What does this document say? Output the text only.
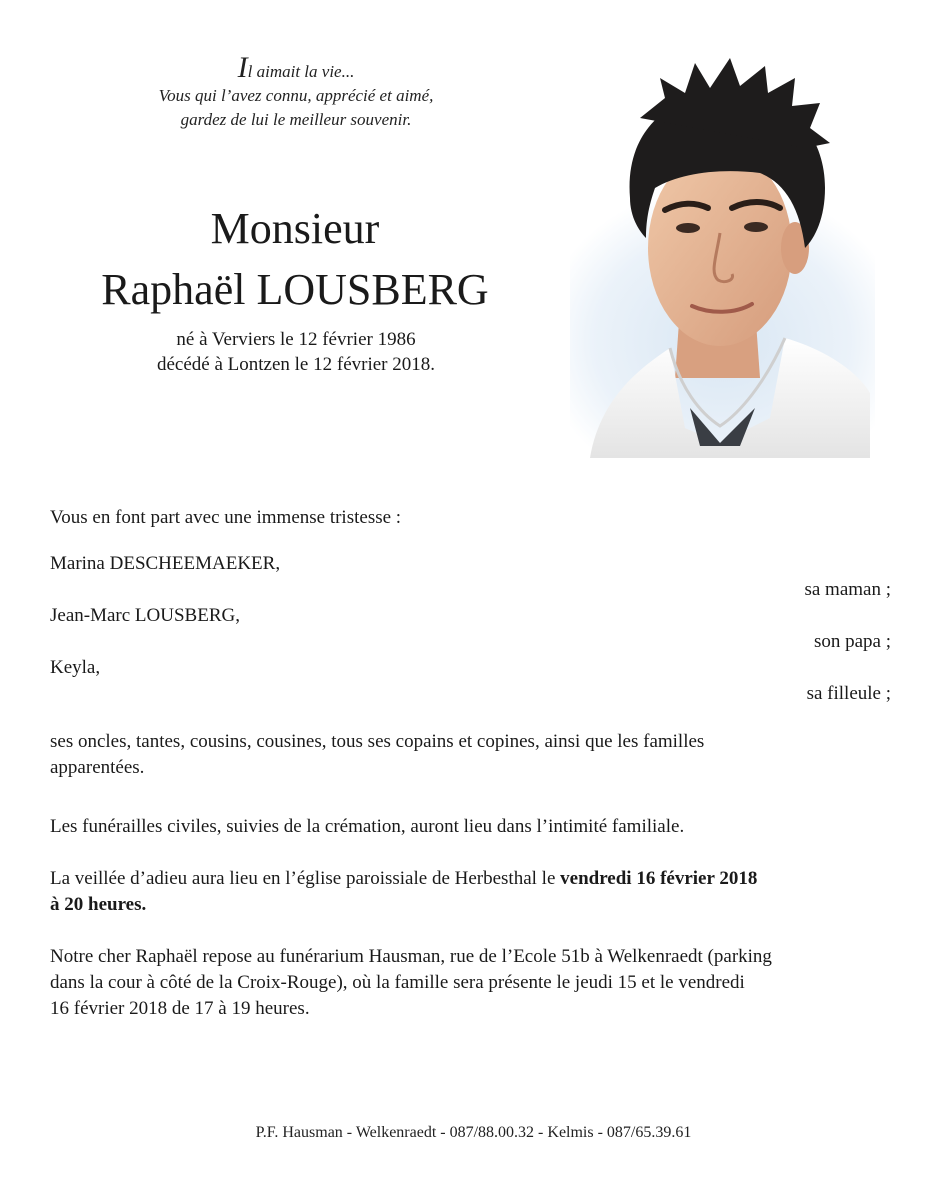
Il aimait la vie...
Vous qui l’avez connu, apprécié et aimé,
gardez de lui le meilleur souvenir.
Monsieur
Raphaël LOUSBERG
né à Verviers le 12 février 1986
décédé à Lontzen le 12 février 2018.
Vous en font part avec une immense tristesse :
Marina DESCHEEMAEKER,
sa maman ;
Jean-Marc LOUSBERG,
son papa ;
Keyla,
sa filleule ;
ses oncles, tantes, cousins, cousines, tous ses copains et copines, ainsi que les familles
apparentées.
Les funérailles civiles, suivies de la crémation, auront lieu dans l’intimité familiale.
La veillée d’adieu aura lieu en l’église paroissiale de Herbesthal le vendredi 16 février 2018
à 20 heures.
Notre cher Raphaël repose au funérarium Hausman, rue de l’Ecole 51b à Welkenraedt (parking
dans la cour à côté de la Croix-Rouge), où la famille sera présente le jeudi 15 et le vendredi
16 février 2018 de 17 à 19 heures.
P.F. Hausman - Welkenraedt - 087/88.00.32 - Kelmis - 087/65.39.61
